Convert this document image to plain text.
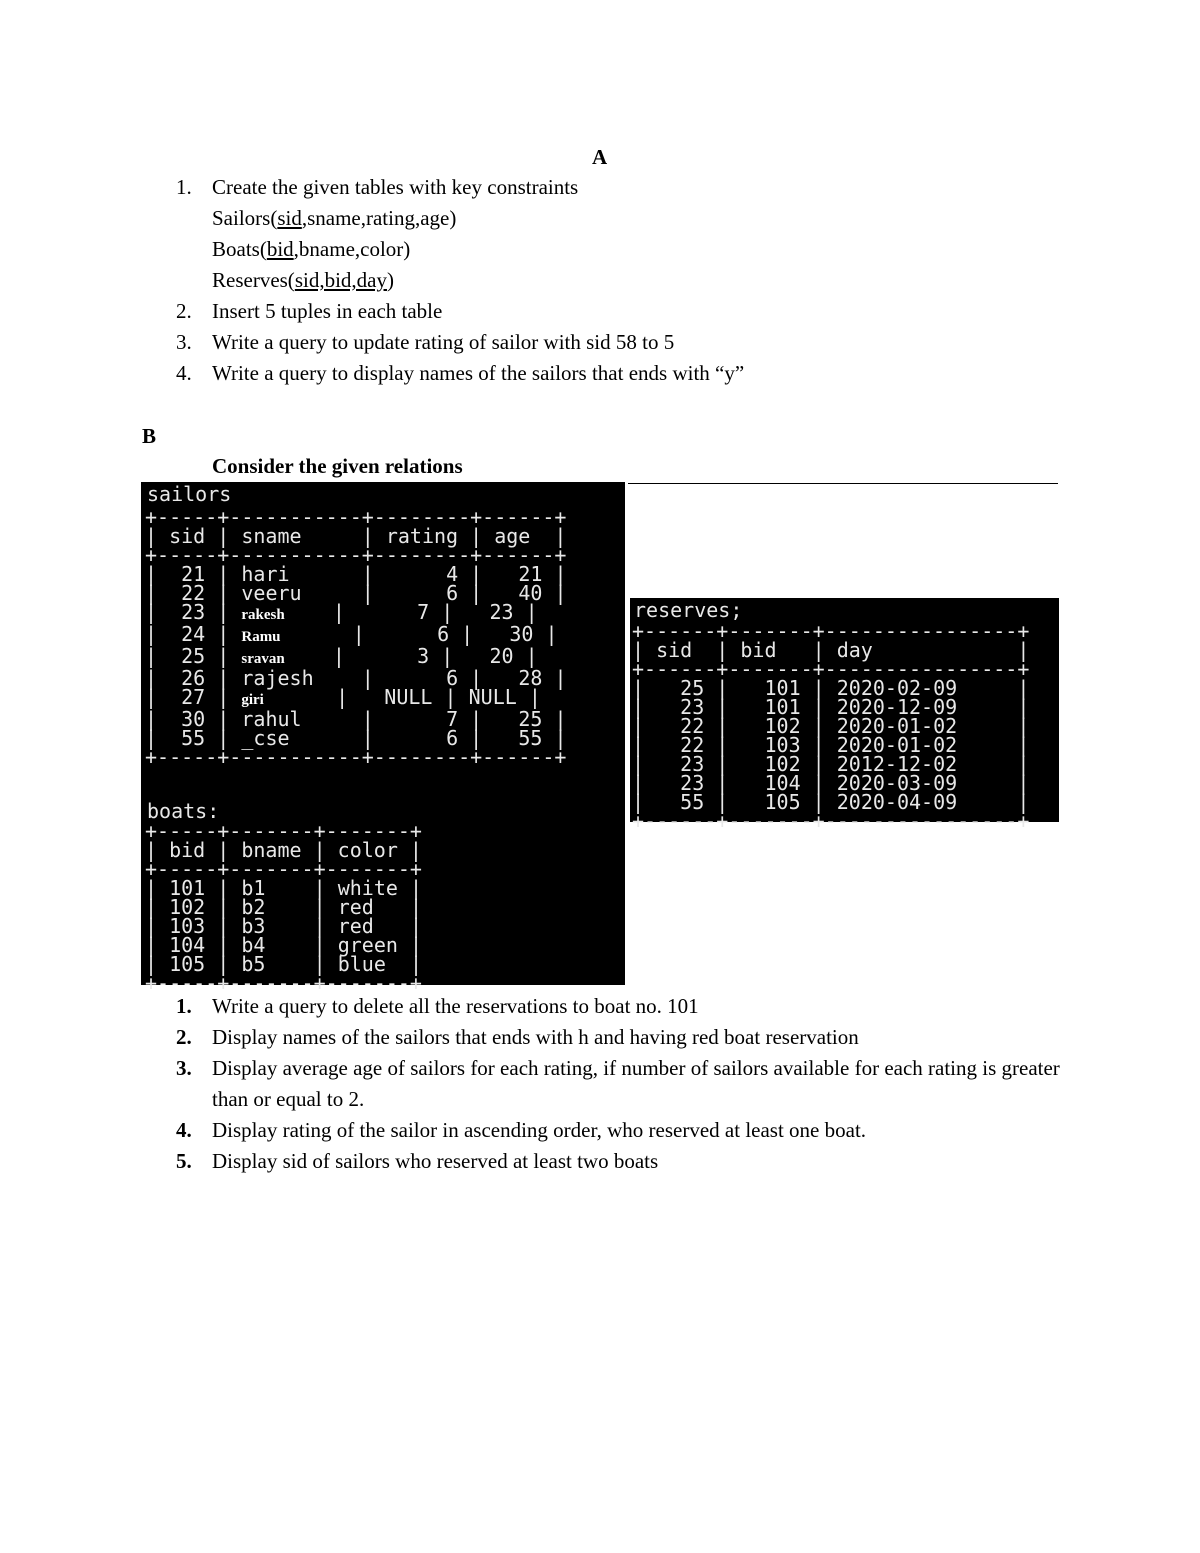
A
1. Create the given tables with key constraints
Sailors(sid,sname,rating,age)
Boats(bid,bname,color)
Reserves(sid,bid,day)
2. Insert 5 tuples in each table
3. Write a query to update rating of sailor with sid 58 to 5
4. Write a query to display names of the sailors that ends with “y”
B
Consider the given relations
sailors
+-----+-----------+--------+------+
| sid | sname     | rating | age  |
+-----+-----------+--------+------+
|  21 | hari      |      4 |   21 |
|  22 | veeru     |      6 |   40 |
|  23 | rakesh    |      7 |   23 |
|  24 | Ramu	|      6 |   30 |
|  25 | sravan    |      3 |   20 |
|  26 | rajesh    |      6 |   28 |
|  27 | giri	|   NULL | NULL |
|  30 | rahul     |      7 |   25 |
|  55 | _cse      |      6 |   55 |
+-----+-----------+--------+------+
boats:
+-----+-------+-------+
| bid | bname | color |
+-----+-------+-------+
| 101 | b1    | white |
| 102 | b2    | red   |
| 103 | b3    | red   |
| 104 | b4    | green |
| 105 | b5    | blue  |
+-----+-------+-------+
reserves;
+------+-------+----------------+
| sid  | bid   | day            |
+------+-------+----------------+
|   25 |   101 | 2020-02-09     |
|   23 |   101 | 2020-12-09     |
|   22 |   102 | 2020-01-02     |
|   22 |   103 | 2020-01-02     |
|   23 |   102 | 2012-12-02     |
|   23 |   104 | 2020-03-09     |
|   55 |   105 | 2020-04-09     |
+------+-------+----------------+
1. Write a query to delete all the reservations to boat no. 101
2. Display names of the sailors that ends with h and having red boat reservation
3. Display average age of sailors for each rating, if number of sailors available for each rating is greater than or equal to 2.
4. Display rating of the sailor in ascending order, who reserved at least one boat.
5. Display sid of sailors who reserved at least two boats
